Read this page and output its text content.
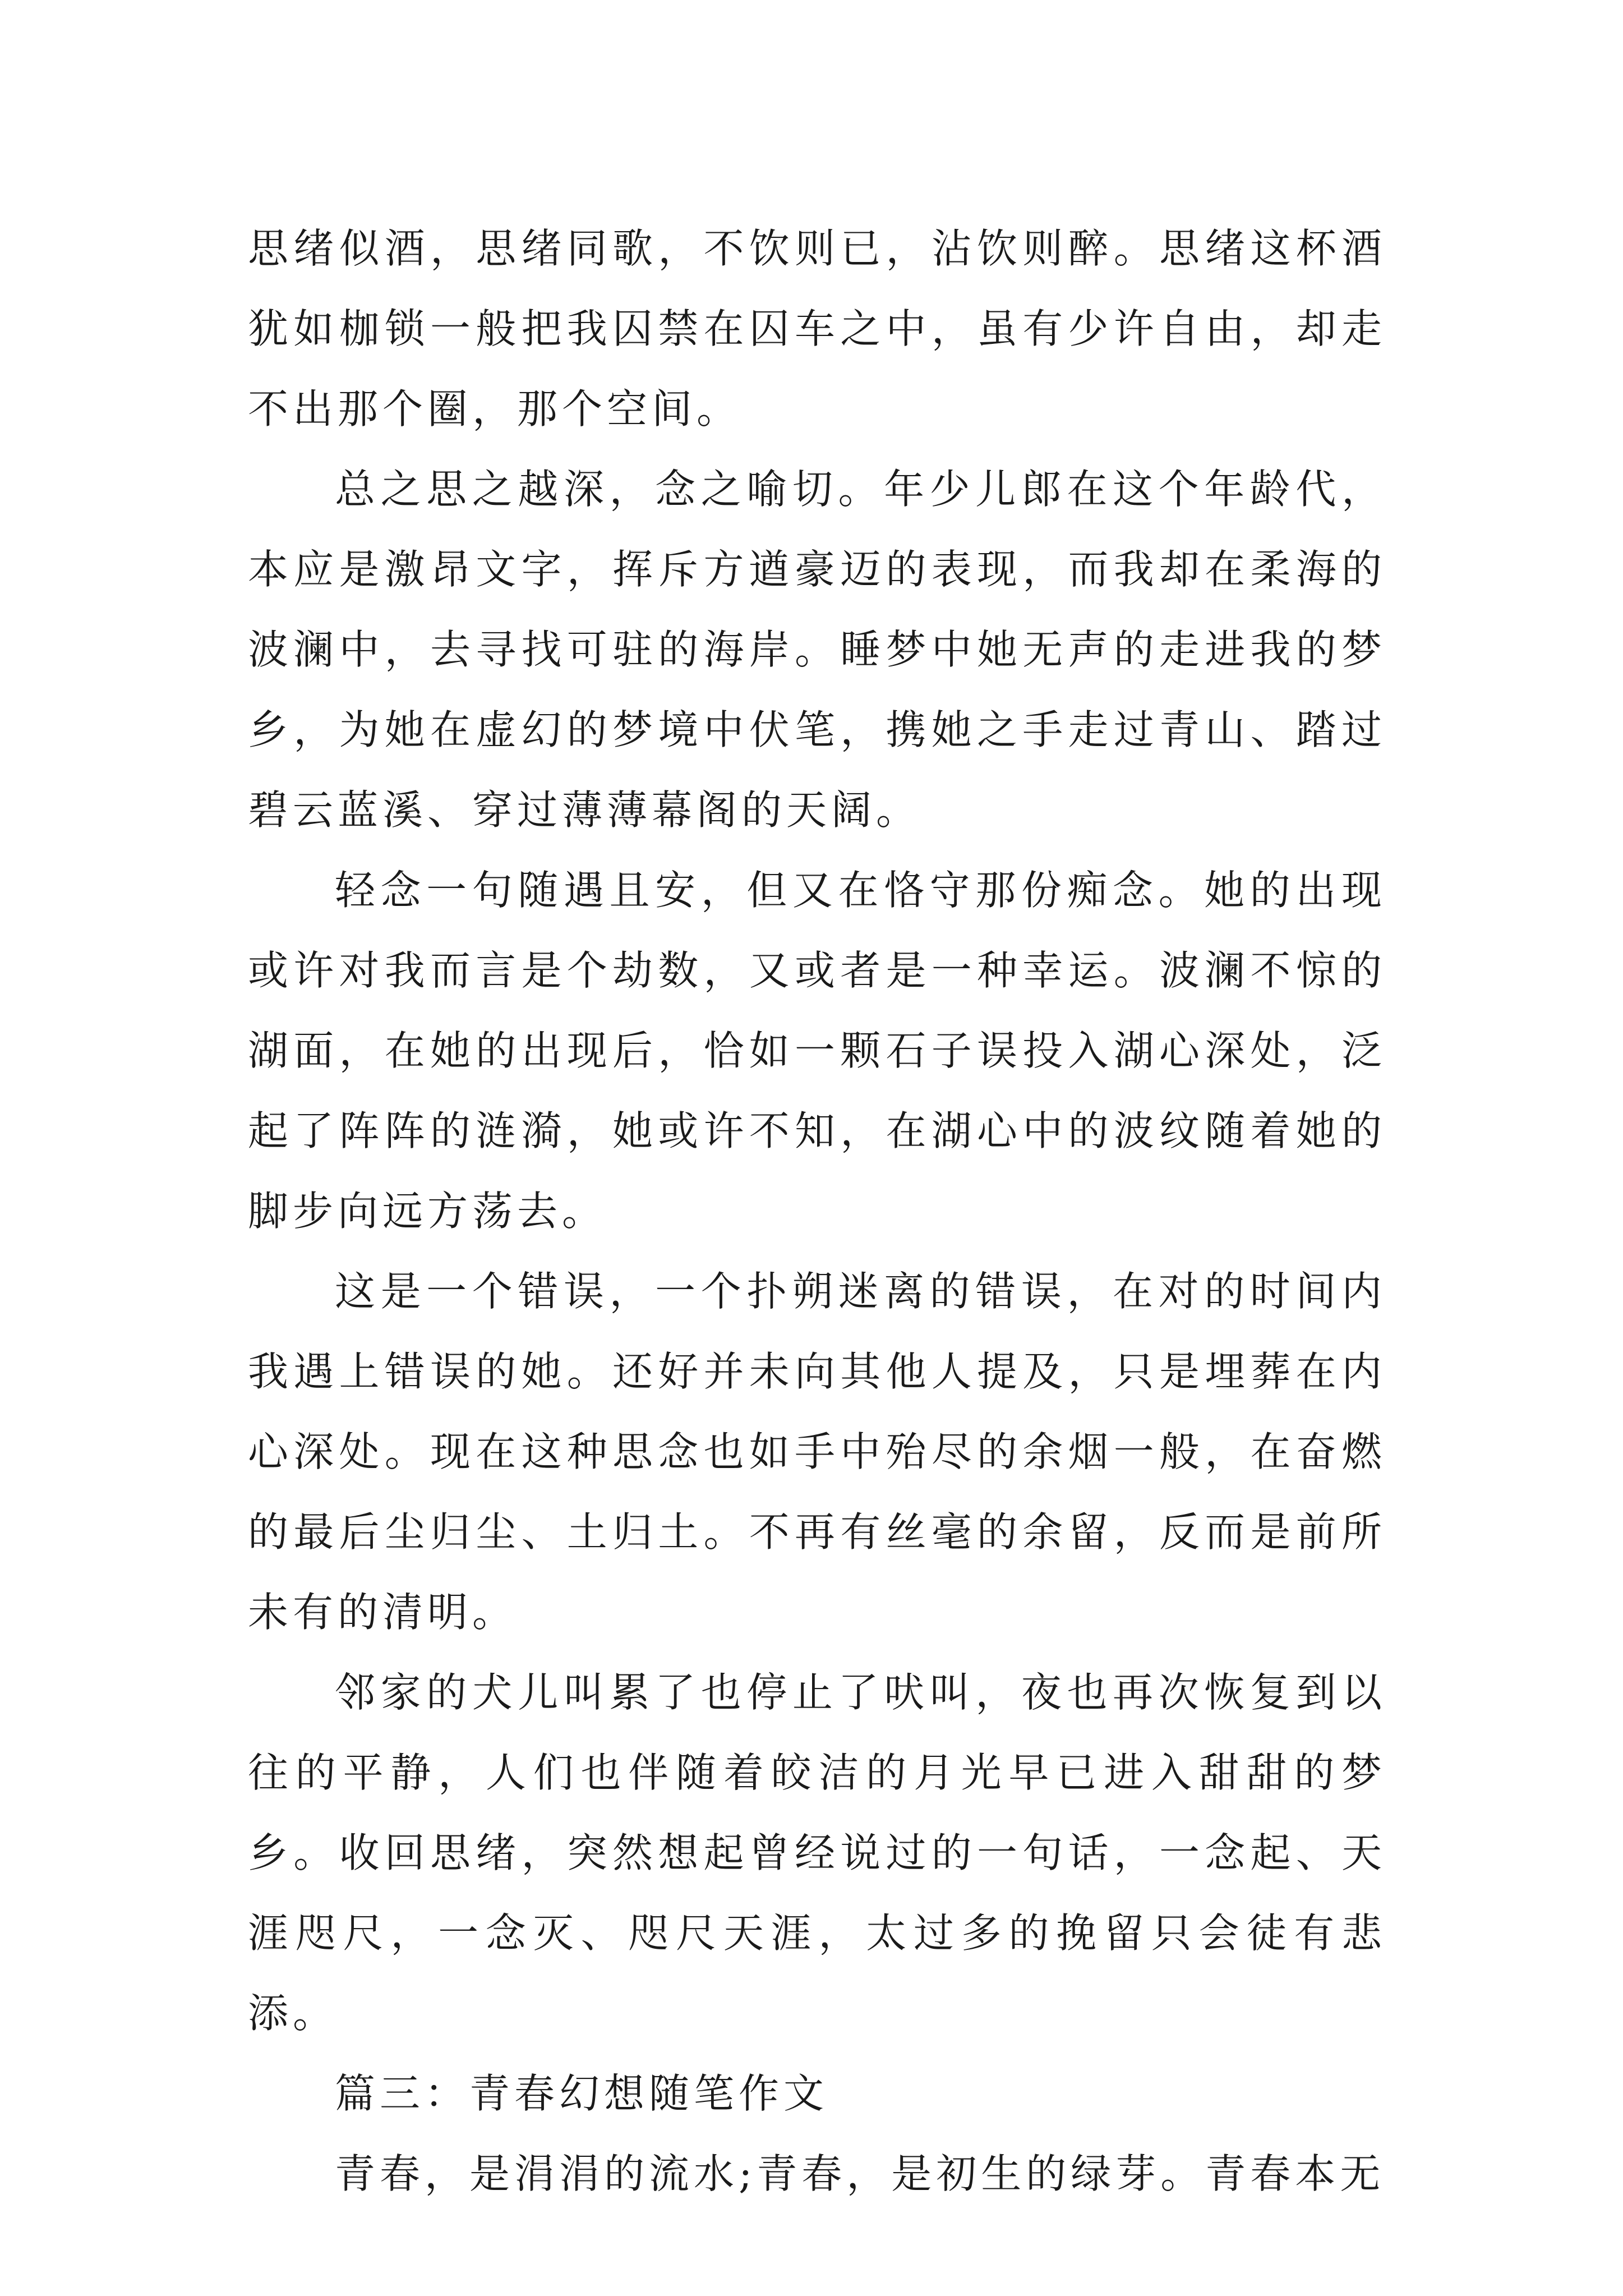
思绪似酒，思绪同歌，不饮则已，沾饮则醉。思绪这杯酒犹如枷锁一般把我囚禁在囚车之中，虽有少许自由，却走不出那个圈，那个空间。

总之思之越深，念之喻切。年少儿郎在这个年龄代，本应是激昂文字，挥斥方遒豪迈的表现，而我却在柔海的波澜中，去寻找可驻的海岸。睡梦中她无声的走进我的梦乡，为她在虚幻的梦境中伏笔，携她之手走过青山、踏过碧云蓝溪、穿过薄薄幕阁的天阔。

轻念一句随遇且安，但又在恪守那份痴念。她的出现或许对我而言是个劫数，又或者是一种幸运。波澜不惊的湖面，在她的出现后，恰如一颗石子误投入湖心深处，泛起了阵阵的涟漪，她或许不知，在湖心中的波纹随着她的脚步向远方荡去。

这是一个错误，一个扑朔迷离的错误，在对的时间内我遇上错误的她。还好并未向其他人提及，只是埋葬在内心深处。现在这种思念也如手中殆尽的余烟一般，在奋燃的最后尘归尘、土归土。不再有丝毫的余留，反而是前所未有的清明。

邻家的犬儿叫累了也停止了吠叫，夜也再次恢复到以往的平静，人们也伴随着皎洁的月光早已进入甜甜的梦乡。收回思绪，突然想起曾经说过的一句话，一念起、天涯咫尺，一念灭、咫尺天涯，太过多的挽留只会徒有悲添。

篇三：青春幻想随笔作文

青春，是涓涓的流水;青春，是初生的绿芽。青春本无
